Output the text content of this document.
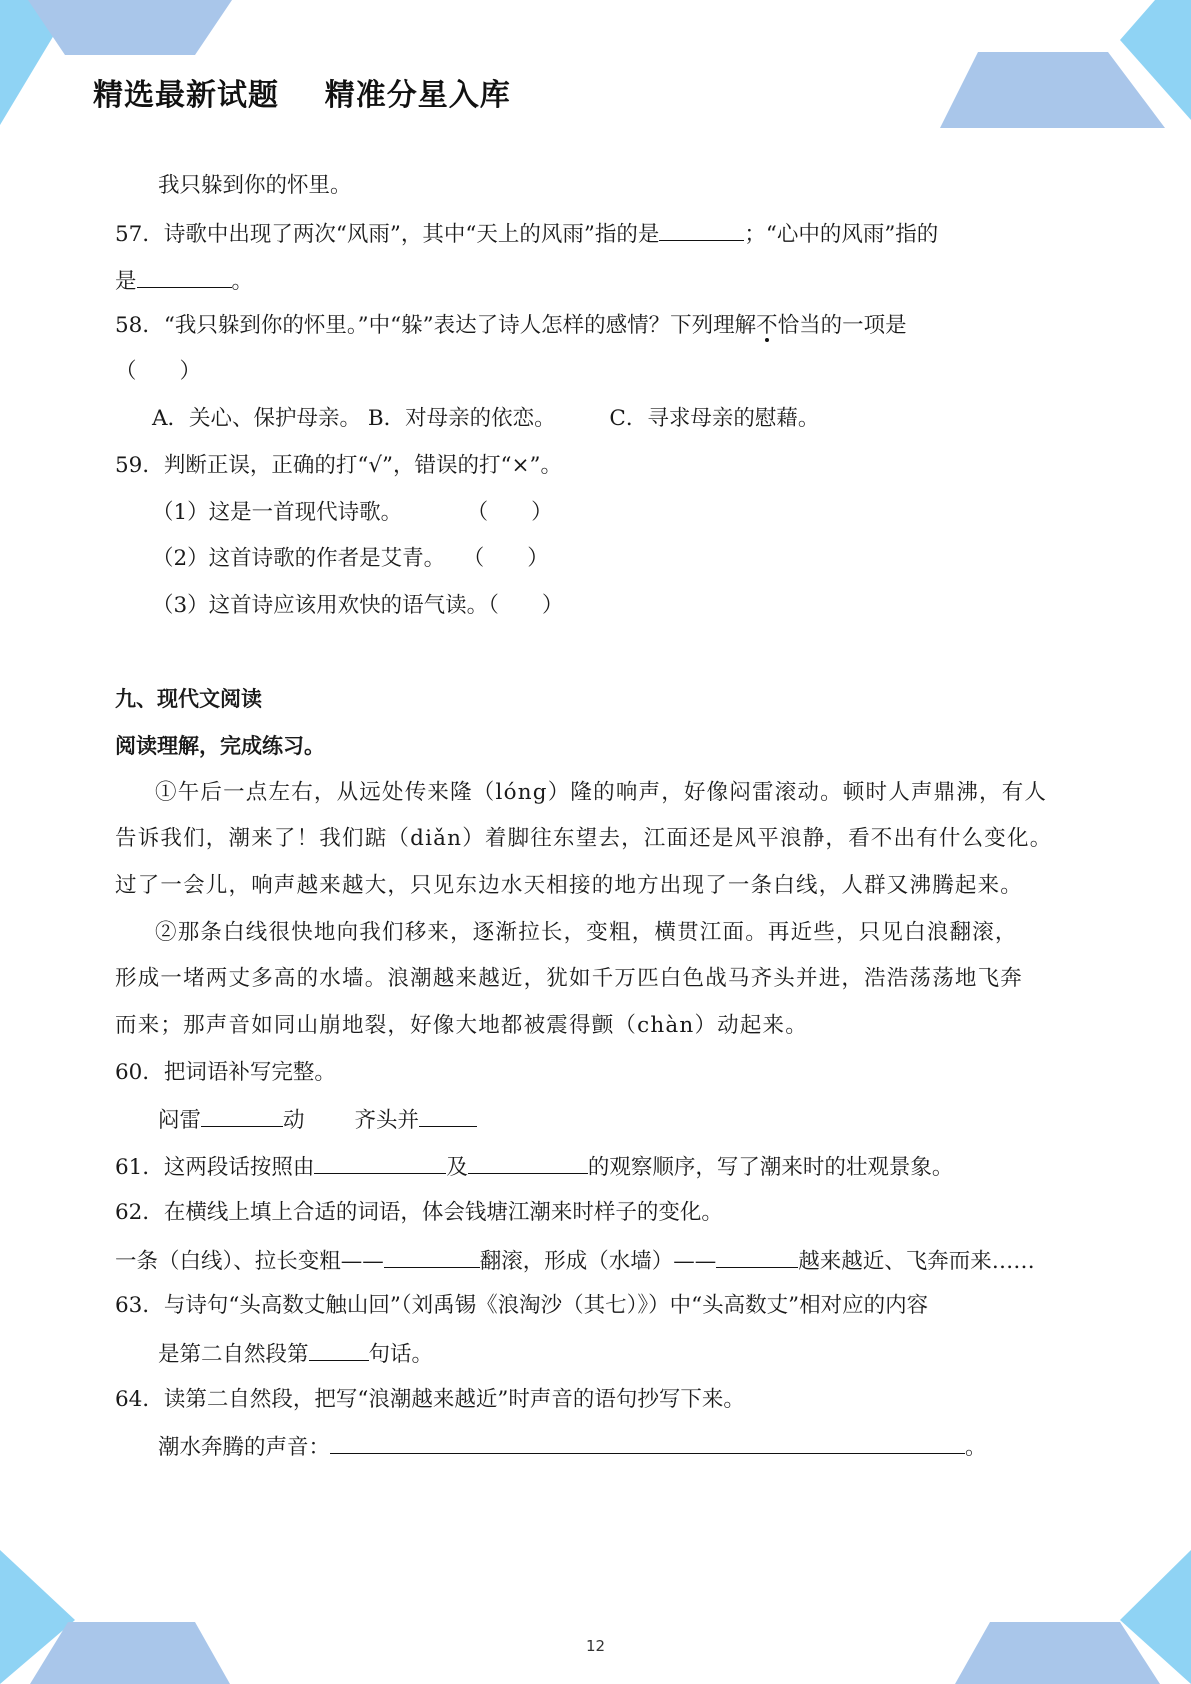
精选最新试题    精准分星入库
我只躲到你的怀里。
57．诗歌中出现了两次“风雨”，其中“天上的风雨”指的是	；“心中的风雨”指的
是	。
58．“我只躲到你的怀里。”中“躲”表达了诗人怎样的感情？下列理解不恰当的一项是
（　　）
A．关心、保护母亲。 B．对母亲的依恋。　　　C．寻求母亲的慰藉。
59．判断正误，正确的打“√”，错误的打“×”。
（1）这是一首现代诗歌。　　　　（　　）
（2）这首诗歌的作者是艾青。　 （　　）
（3）这首诗应该用欢快的语气读。（　　）
九、现代文阅读
阅读理解，完成练习。
①午后一点左右，从远处传来隆（lóng）隆的响声，好像闷雷滚动。顿时人声鼎沸，有人
告诉我们，潮来了！我们踮（diǎn）着脚往东望去，江面还是风平浪静，看不出有什么变化。
过了一会儿，响声越来越大，只见东边水天相接的地方出现了一条白线，人群又沸腾起来。
②那条白线很快地向我们移来，逐渐拉长，变粗，横贯江面。再近些，只见白浪翻滚，
形成一堵两丈多高的水墙。浪潮越来越近，犹如千万匹白色战马齐头并进，浩浩荡荡地飞奔
而来；那声音如同山崩地裂，好像大地都被震得颤（chàn）动起来。
60．把词语补写完整。
闷雷	动 齐头并
61．这两段话按照由	及	的观察顺序，写了潮来时的壮观景象。
62．在横线上填上合适的词语，体会钱塘江潮来时样子的变化。
一条（白线）、拉长变粗——	翻滚，形成（水墙）——	越来越近、飞奔而来……
63．与诗句“头高数丈触山回”（刘禹锡《浪淘沙（其七）》）中“头高数丈”相对应的内容
是第二自然段第	句话。
64．读第二自然段，把写“浪潮越来越近”时声音的语句抄写下来。
潮水奔腾的声音：	。
12
